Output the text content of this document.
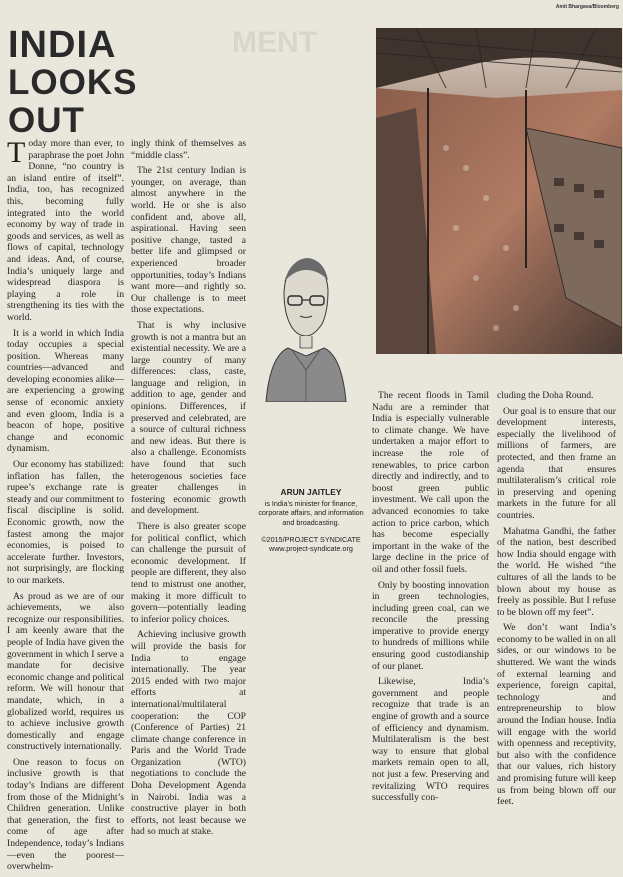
Amit Bhargava/Bloomberg
INDIA
LOOKS OUT
MENT

Today more than ever, to paraphrase the poet John Donne, “no country is an island entire of itself”. India, too, has recognized this, becoming fully integrated into the world economy by way of trade in goods and services, as well as flows of capital, technology and ideas. And, of course, India’s uniquely large and widespread diaspora is playing a role in strengthening its ties with the world.

It is a world in which India today occupies a special position. Whereas many countries—advanced and developing economies alike—are experiencing a growing sense of economic anxiety and even gloom, India is a beacon of hope, positive change and economic dynamism.

Our economy has stabilized: inflation has fallen, the rupee’s exchange rate is steady and our commitment to fiscal discipline is solid. Economic growth, now the fastest among the major economies, is poised to accelerate further. Investors, not surprisingly, are flocking to our markets.

As proud as we are of our achievements, we also recognize our responsibilities. I am keenly aware that the people of India have given the government in which I serve a mandate for decisive economic change and political reform. We will honour that mandate, which, in a globalized world, requires us to achieve inclusive growth domestically and engage constructively internationally.

One reason to focus on inclusive growth is that today’s Indians are different from those of the Midnight’s Children generation. Unlike that generation, the first to come of age after Independence, today’s Indians—even the poorest—overwhelm-

ingly think of themselves as “middle class”.

The 21st century Indian is younger, on average, than almost anywhere in the world. He or she is also confident and, above all, aspirational. Having seen positive change, tasted a better life and glimpsed or experienced broader opportunities, today’s Indians want more—and rightly so. Our challenge is to meet those expectations.

That is why inclusive growth is not a mantra but an existential necessity. We are a large country of many differences: class, caste, language and religion, in addition to age, gender and opinions. Differences, if preserved and celebrated, are a source of cultural richness and new ideas. But there is also a challenge. Economists have found that such heterogenous societies face greater challenges in fostering economic growth and development.

There is also greater scope for political conflict, which can challenge the pursuit of economic development. If people are different, they also tend to mistrust one another, making it more difficult to govern—potentially leading to inferior policy choices.

Achieving inclusive growth will provide the basis for India to engage internationally. The year 2015 ended with two major efforts at international/multilateral cooperation: the COP (Conference of Parties) 21 climate change conference in Paris and the World Trade Organization (WTO) negotiations to conclude the Doha Development Agenda in Nairobi. India was a constructive player in both efforts, not least because we had so much at stake.

ARUN JAITLEY
is India’s minister for finance, corporate affairs, and information and broadcasting.
©2015/PROJECT SYNDICATE
www.project-syndicate.org

The recent floods in Tamil Nadu are a reminder that India is especially vulnerable to climate change. We have undertaken a major effort to increase the role of renewables, to price carbon directly and indirectly, and to boost green public investment. We call upon the advanced economies to take action to price carbon, which has become especially important in the wake of the large decline in the price of oil and other fossil fuels.

Only by boosting innovation in green technologies, including green coal, can we reconcile the pressing imperative to provide energy to hundreds of millions while ensuring good custodianship of our planet.

Likewise, India’s government and people recognize that trade is an engine of growth and a source of efficiency and dynamism. Multilateralism is the best way to ensure that global markets remain open to all, not just a few. Preserving and revitalizing WTO requires successfully con-

cluding the Doha Round.

Our goal is to ensure that our development interests, especially the livelihood of millions of farmers, are protected, and then frame an agenda that ensures multilateralism’s critical role in preserving and opening markets in the future for all countries.

Mahatma Gandhi, the father of the nation, best described how India should engage with the world. He wished “the cultures of all the lands to be blown about my house as freely as possible. But I refuse to be blown off my feet”.

We don’t want India’s economy to be walled in on all sides, or our windows to be shuttered. We want the winds of external learning and experience, foreign capital, technology and entrepreneurship to blow around the Indian house. India will engage with the world with openness and receptivity, but also with the confidence that our values, rich history and promising future will keep us from being blown off our feet.
